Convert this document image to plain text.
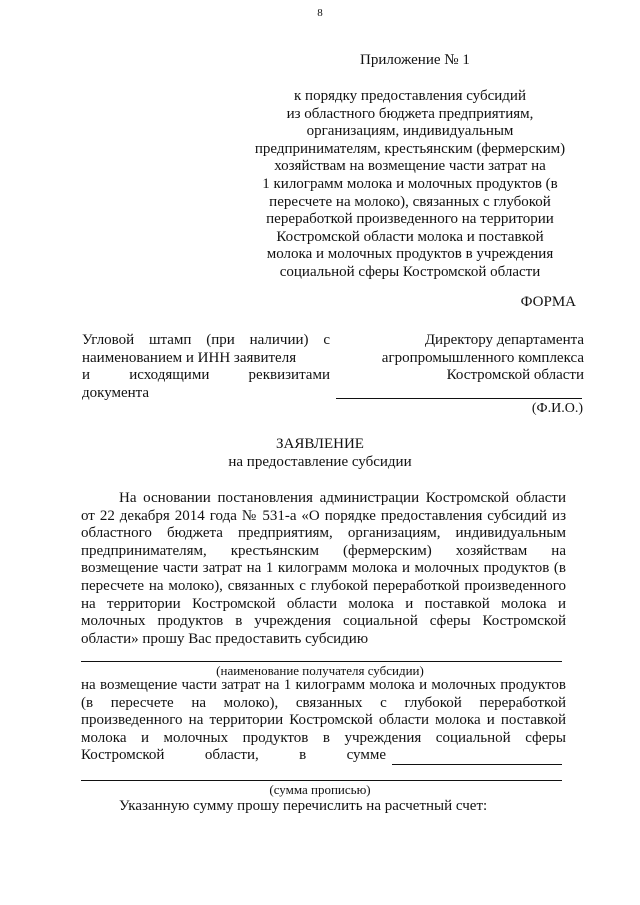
8
Приложение № 1
к порядку предоставления субсидий
из областного бюджета предприятиям,
организациям, индивидуальным
предпринимателям, крестьянским (фермерским)
хозяйствам на возмещение части затрат на
1 килограмм молока и молочных продуктов (в
пересчете на молоко), связанных с глубокой
переработкой произведенного на территории
Костромской области молока и поставкой
молока и молочных продуктов в учреждения
социальной сферы Костромской области
ФОРМА
Угловой штамп (при наличии) с
наименованием и ИНН заявителя
и исходящими реквизитами
документа
Директору департамента
агропромышленного комплекса
Костромской области
(Ф.И.О.)
ЗАЯВЛЕНИЕ
на предоставление субсидии
На основании постановления администрации Костромской области
от 22 декабря 2014 года № 531-а «О порядке предоставления субсидий из
областного бюджета предприятиям, организациям, индивидуальным
предпринимателям, крестьянским (фермерским) хозяйствам на
возмещение части затрат на 1 килограмм молока и молочных продуктов (в
пересчете на молоко), связанных с глубокой переработкой произведенного
на территории Костромской области молока и поставкой молока и
молочных продуктов в учреждения социальной сферы Костромской
области» прошу Вас предоставить субсидию
(наименование получателя субсидии)
на возмещение части затрат на 1 килограмм молока и молочных продуктов
(в пересчете на молоко), связанных с глубокой переработкой
произведенного на территории Костромской области молока и поставкой
молока и молочных продуктов в учреждения социальной сферы
Костромской области, в сумме
(сумма прописью)
Указанную сумму прошу перечислить на расчетный счет:
